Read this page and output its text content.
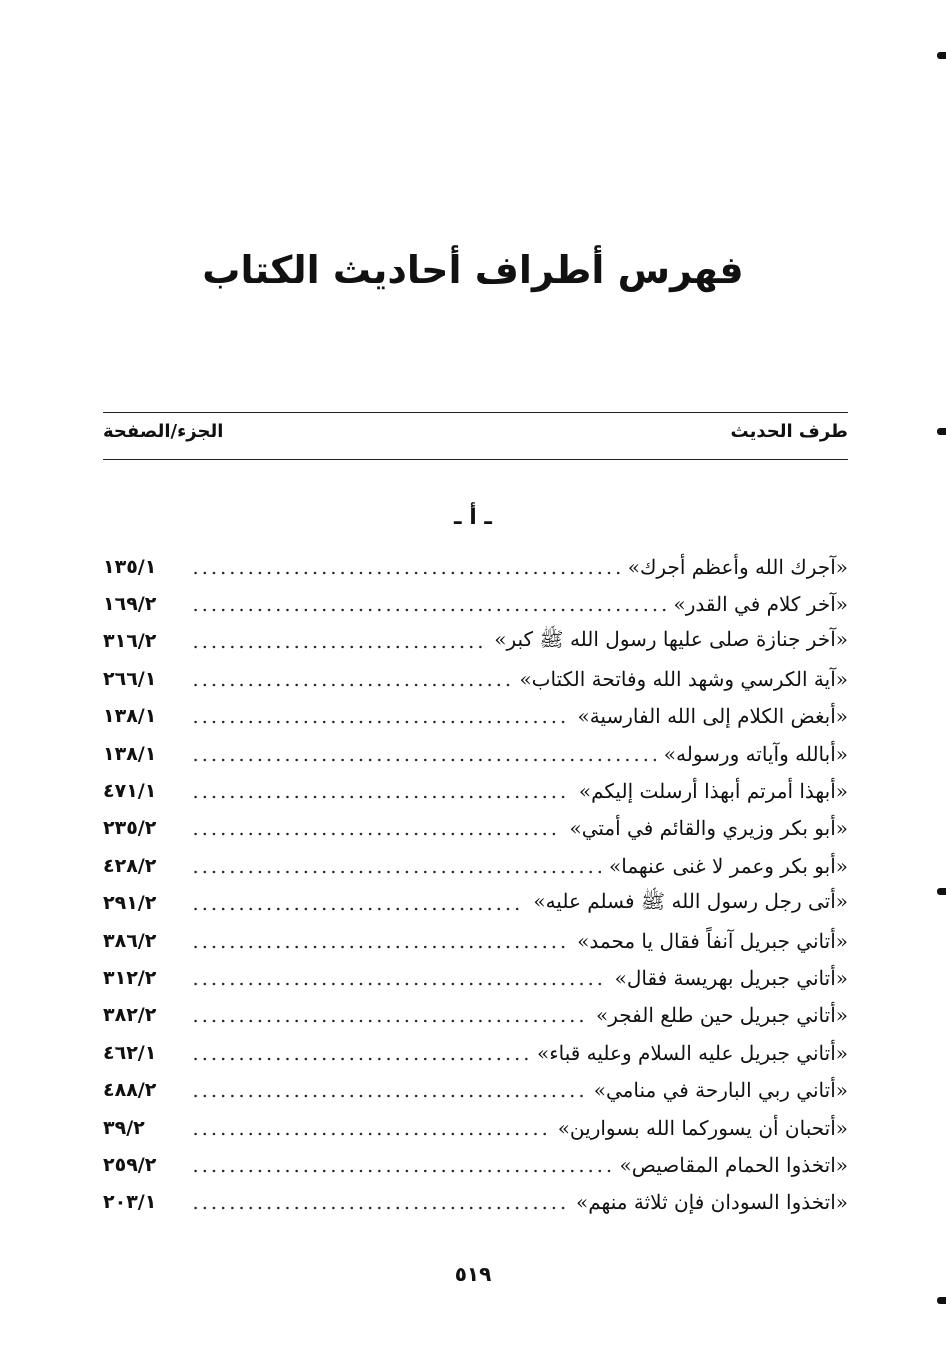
فهرس أطراف أحاديث الكتاب
طرف الحديث
الجزء/الصفحة
ـ أ ـ
١٣٥/١	«آجرك الله وأعظم أجرك»
١٦٩/٢	«آخر كلام في القدر»
٣١٦/٢	«آخر جنازة صلى عليها رسول الله ﷺ كبر»
٢٦٦/١	«آية الكرسي وشهد الله وفاتحة الكتاب»
١٣٨/١	«أبغض الكلام إلى الله الفارسية»
١٣٨/١	«أبالله وآياته ورسوله»
٤٧١/١	«أبهذا أمرتم أبهذا أرسلت إليكم»
٢٣٥/٢	«أبو بكر وزيري والقائم في أمتي»
٤٢٨/٢	«أبو بكر وعمر لا غنى عنهما»
٢٩١/٢	«أتى رجل رسول الله ﷺ فسلم عليه»
٣٨٦/٢	«أتاني جبريل آنفاً فقال يا محمد»
٣١٢/٢	«أتاني جبريل بهريسة فقال»
٣٨٢/٢	«أتاني جبريل حين طلع الفجر»
٤٦٢/١	«أتاني جبريل عليه السلام وعليه قباء»
٤٨٨/٢	«أتاني ربي البارحة في منامي»
٣٩/٢	«أتحبان أن يسوركما الله بسوارين»
٢٥٩/٢	«اتخذوا الحمام المقاصيص»
٢٠٣/١	«اتخذوا السودان فإن ثلاثة منهم»
٥١٩
